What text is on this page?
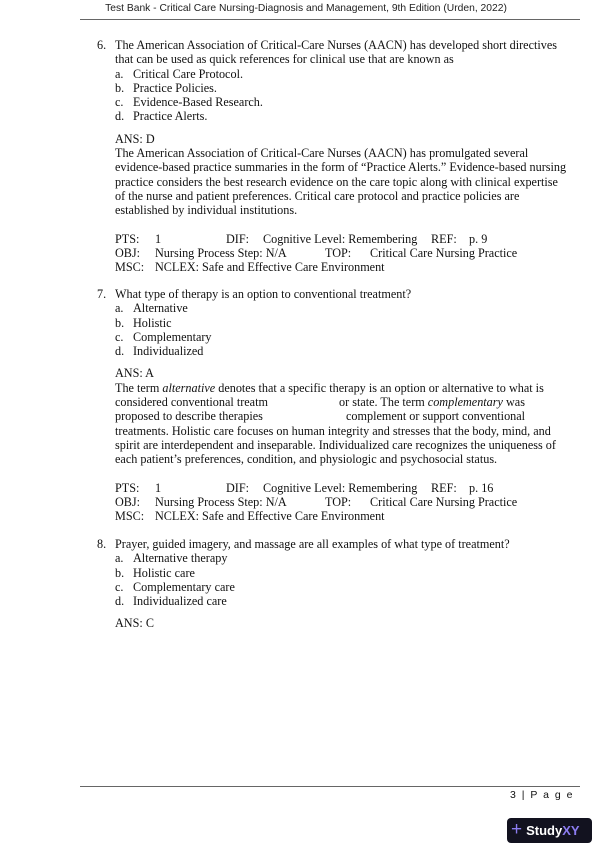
Test Bank - Critical Care Nursing-Diagnosis and Management, 9th Edition (Urden, 2022)
6. The American Association of Critical-Care Nurses (AACN) has developed short directives
that can be used as quick references for clinical use that are known as
a. Critical Care Protocol.
b. Practice Policies.
c. Evidence-Based Research.
d. Practice Alerts.
ANS: D
The American Association of Critical-Care Nurses (AACN) has promulgated several
evidence-based practice summaries in the form of “Practice Alerts.” Evidence-based nursing
practice considers the best research evidence on the care topic along with clinical expertise
of the nurse and patient preferences. Critical care protocol and practice policies are
established by individual institutions.
PTS: 1	DIF: Cognitive Level: Remembering REF: p. 9
OBJ: Nursing Process Step: N/A	TOP: Critical Care Nursing Practice
MSC: NCLEX: Safe and Effective Care Environment
7. What type of therapy is an option to conventional treatment?
a. Alternative
b. Holistic
c. Complementary
d. Individualized
ANS: A
The term alternative denotes that a specific therapy is an option or alternative to what is
considered conventional treatm	or state. The term complementary was
proposed to describe therapies	complement or support conventional
treatments. Holistic care focuses on human integrity and stresses that the body, mind, and
spirit are interdependent and inseparable. Individualized care recognizes the uniqueness of
each patient’s preferences, condition, and physiologic and psychosocial status.
PTS: 1	DIF: Cognitive Level: Remembering REF: p. 16
OBJ: Nursing Process Step: N/A	TOP: Critical Care Nursing Practice
MSC: NCLEX: Safe and Effective Care Environment
8. Prayer, guided imagery, and massage are all examples of what type of treatment?
a. Alternative therapy
b. Holistic care
c. Complementary care
d. Individualized care
ANS: C
3 | P a g e
+ Study XY
